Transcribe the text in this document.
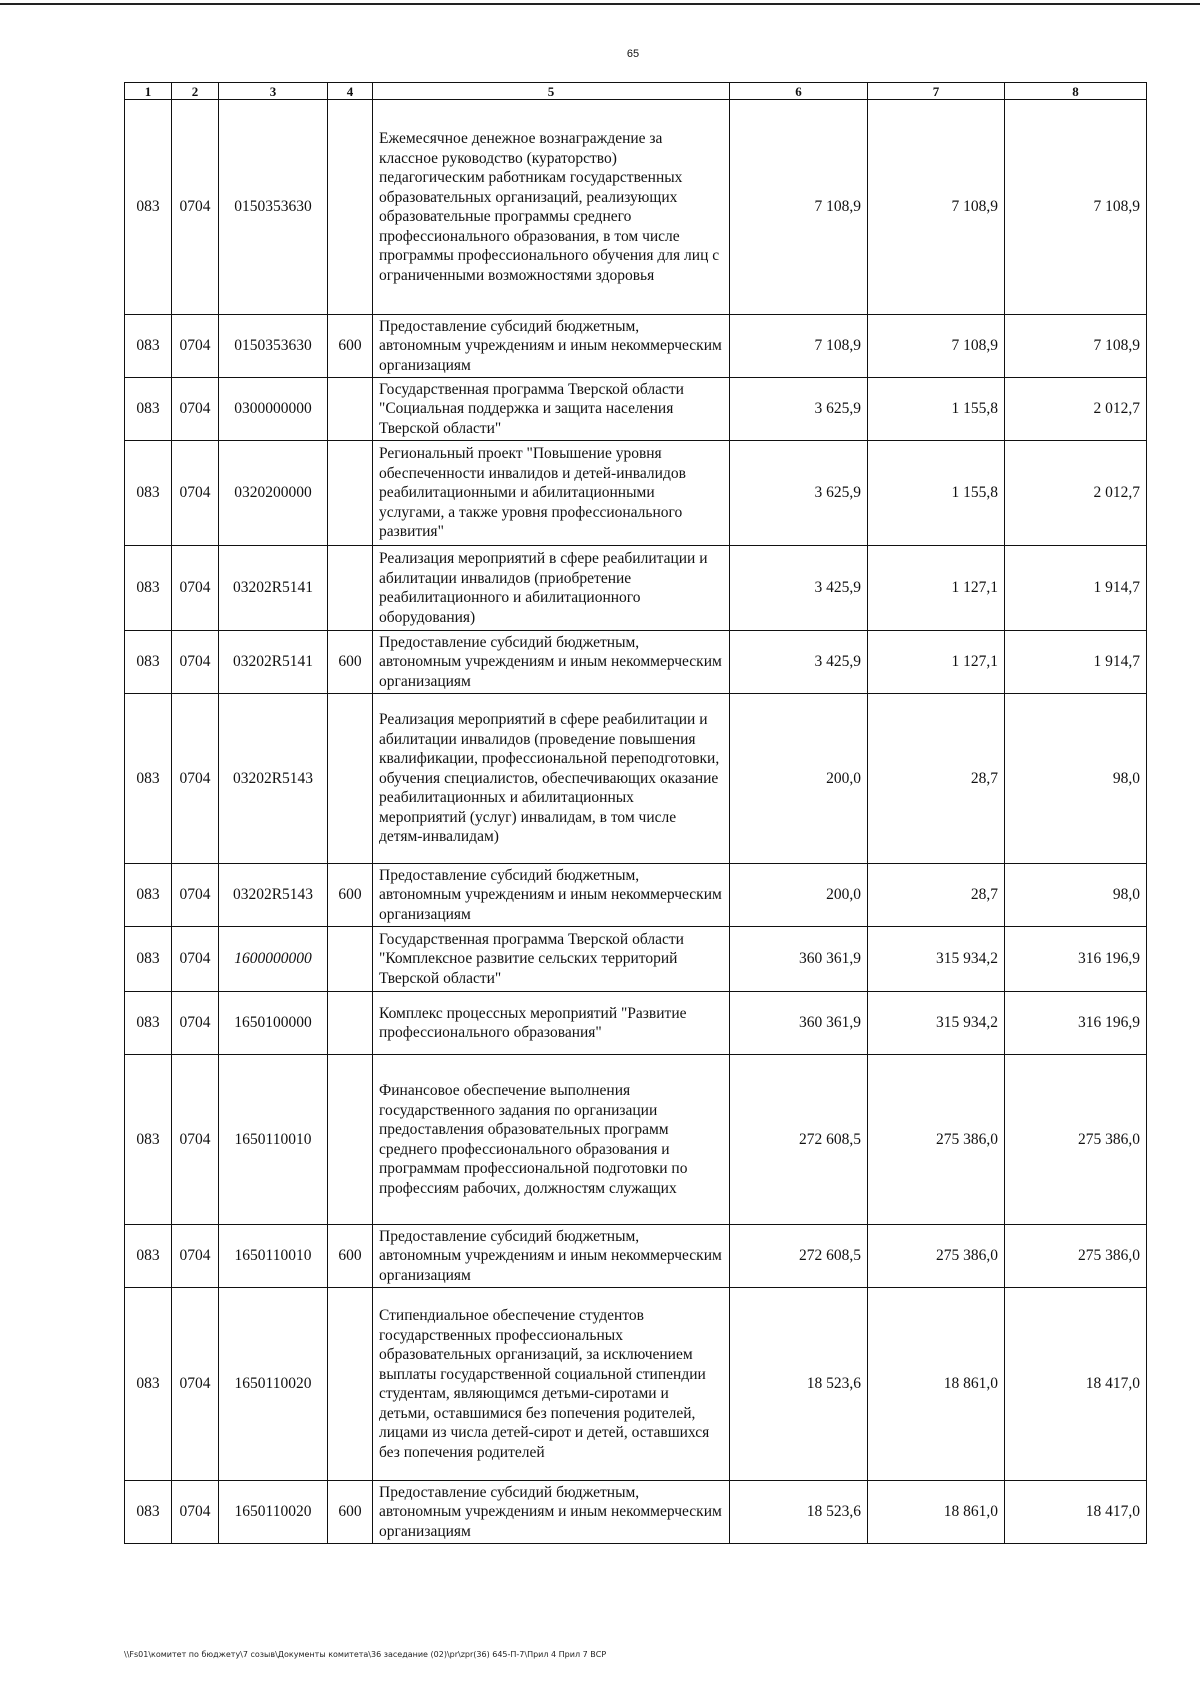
65
1	2	3	4	5	6	7	8
083	0704	0150353630		Ежемесячное денежное вознаграждение за классное руководство (кураторство) педагогическим работникам государственных образовательных организаций, реализующих образовательные программы среднего профессионального образования, в том числе программы профессионального обучения для лиц с ограниченными возможностями здоровья	7 108,9	7 108,9	7 108,9
083	0704	0150353630	600	Предоставление субсидий бюджетным, автономным учреждениям и иным некоммерческим организациям	7 108,9	7 108,9	7 108,9
083	0704	0300000000		Государственная программа Тверской области "Социальная поддержка и защита населения Тверской области"	3 625,9	1 155,8	2 012,7
083	0704	0320200000		Региональный проект "Повышение уровня обеспеченности инвалидов и детей-инвалидов реабилитационными и абилитационными услугами, а также уровня профессионального развития"	3 625,9	1 155,8	2 012,7
083	0704	03202R5141		Реализация мероприятий в сфере реабилитации и абилитации инвалидов (приобретение реабилитационного и абилитационного оборудования)	3 425,9	1 127,1	1 914,7
083	0704	03202R5141	600	Предоставление субсидий бюджетным, автономным учреждениям и иным некоммерческим организациям	3 425,9	1 127,1	1 914,7
083	0704	03202R5143		Реализация мероприятий в сфере реабилитации и абилитации инвалидов (проведение повышения квалификации, профессиональной переподготовки, обучения специалистов, обеспечивающих оказание реабилитационных и абилитационных мероприятий (услуг) инвалидам, в том числе детям-инвалидам)	200,0	28,7	98,0
083	0704	03202R5143	600	Предоставление субсидий бюджетным, автономным учреждениям и иным некоммерческим организациям	200,0	28,7	98,0
083	0704	1600000000		Государственная программа Тверской области "Комплексное развитие сельских территорий Тверской области"	360 361,9	315 934,2	316 196,9
083	0704	1650100000		Комплекс процессных мероприятий "Развитие профессионального образования"	360 361,9	315 934,2	316 196,9
083	0704	1650110010		Финансовое обеспечение выполнения государственного задания по организации предоставления образовательных программ среднего профессионального образования и программам профессиональной подготовки по профессиям рабочих, должностям служащих	272 608,5	275 386,0	275 386,0
083	0704	1650110010	600	Предоставление субсидий бюджетным, автономным учреждениям и иным некоммерческим организациям	272 608,5	275 386,0	275 386,0
083	0704	1650110020		Стипендиальное обеспечение студентов государственных профессиональных образовательных организаций, за исключением выплаты государственной социальной стипендии студентам, являющимся детьми-сиротами и детьми, оставшимися без попечения родителей, лицами из числа детей-сирот и детей, оставшихся без попечения родителей	18 523,6	18 861,0	18 417,0
083	0704	1650110020	600	Предоставление субсидий бюджетным, автономным учреждениям и иным некоммерческим организациям	18 523,6	18 861,0	18 417,0
\\Fs01\комитет по бюджету\7 созыв\Документы комитета\36 заседание (02)\pr\zpr(36) 645-П-7\Прил 4 Прил 7 ВСР
